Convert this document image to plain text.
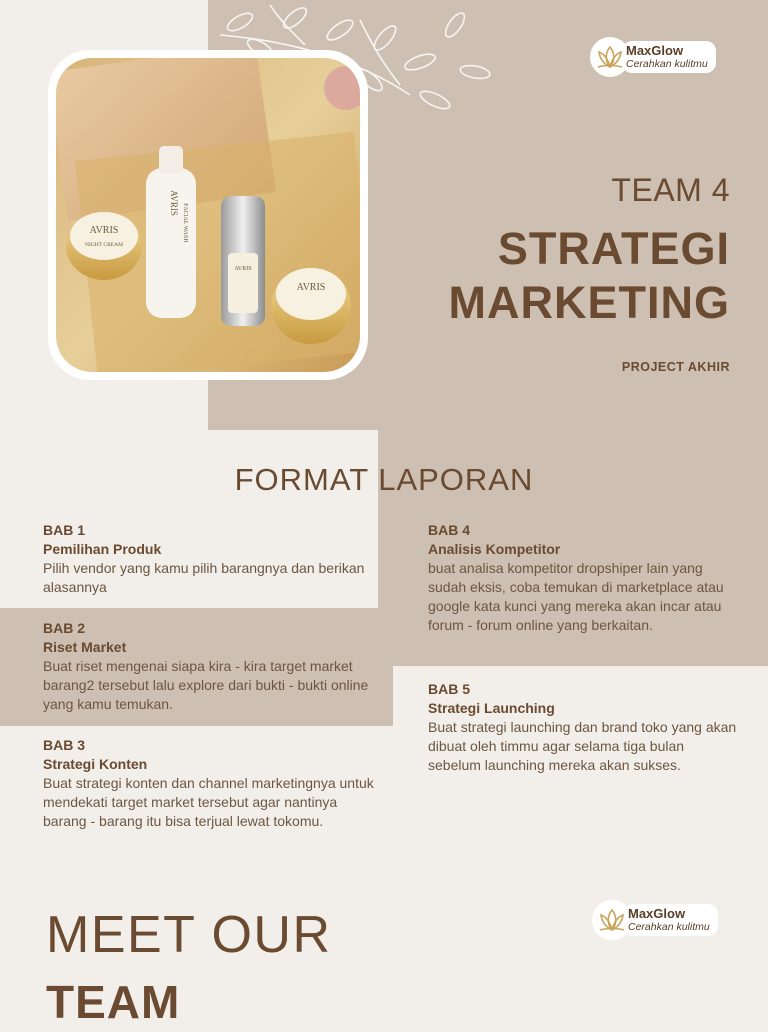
AVRIS
NIGHT CREAM
AVRIS
FACIAL WASH
AVRIS
AVRIS
MaxGlow
Cerahkan kulitmu
TEAM 4
STRATEGI
MARKETING
PROJECT AKHIR
FORMAT LAPORAN
BAB 1
Pemilihan Produk
Pilih vendor yang kamu pilih barangnya dan berikan alasannya
BAB 2
Riset Market
Buat riset mengenai siapa kira - kira target market barang2 tersebut lalu explore dari bukti - bukti online yang kamu temukan.
BAB 3
Strategi Konten
Buat strategi konten dan channel marketingnya untuk mendekati target market tersebut agar nantinya barang - barang itu bisa terjual lewat tokomu.
BAB 4
Analisis Kompetitor
buat analisa kompetitor dropshiper lain yang sudah eksis, coba temukan di marketplace atau google kata kunci yang mereka akan incar atau forum - forum online yang berkaitan.
BAB 5
Strategi Launching
Buat strategi launching dan brand toko yang akan dibuat oleh timmu agar selama tiga bulan sebelum launching mereka akan sukses.
MaxGlow
Cerahkan kulitmu
MEET OUR
TEAM
